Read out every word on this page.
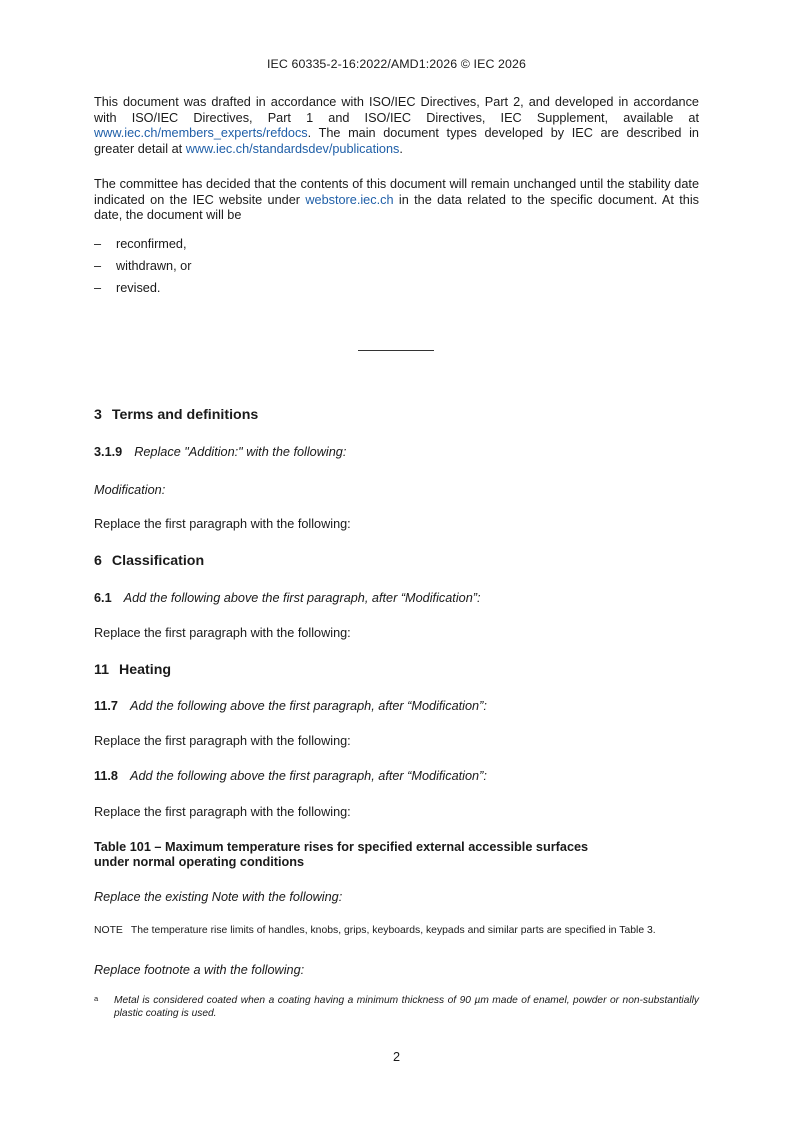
IEC 60335-2-16:2022/AMD1:2026 © IEC 2026

This document was drafted in accordance with ISO/IEC Directives, Part 2, and developed in accordance with ISO/IEC Directives, Part 1 and ISO/IEC Directives, IEC Supplement, available at www.iec.ch/members_experts/refdocs. The main document types developed by IEC are described in greater detail at www.iec.ch/standardsdev/publications.

The committee has decided that the contents of this document will remain unchanged until the stability date indicated on the IEC website under webstore.iec.ch in the data related to the specific document. At this date, the document will be

– reconfirmed,
– withdrawn, or
– revised.
3 Terms and definitions
3.1.9 Replace "Addition:" with the following:
Modification:
Replace the first paragraph with the following:
6 Classification
6.1 Add the following above the first paragraph, after “Modification”:
Replace the first paragraph with the following:
11 Heating
11.7 Add the following above the first paragraph, after “Modification”:
Replace the first paragraph with the following:
11.8 Add the following above the first paragraph, after “Modification”:
Replace the first paragraph with the following:
Table 101 – Maximum temperature rises for specified external accessible surfaces
under normal operating conditions
Replace the existing Note with the following:
NOTE The temperature rise limits of handles, knobs, grips, keyboards, keypads and similar parts are specified in Table 3.
Replace footnote a with the following:
a Metal is considered coated when a coating having a minimum thickness of 90 µm made of enamel, powder or non-substantially plastic coating is used.
2
